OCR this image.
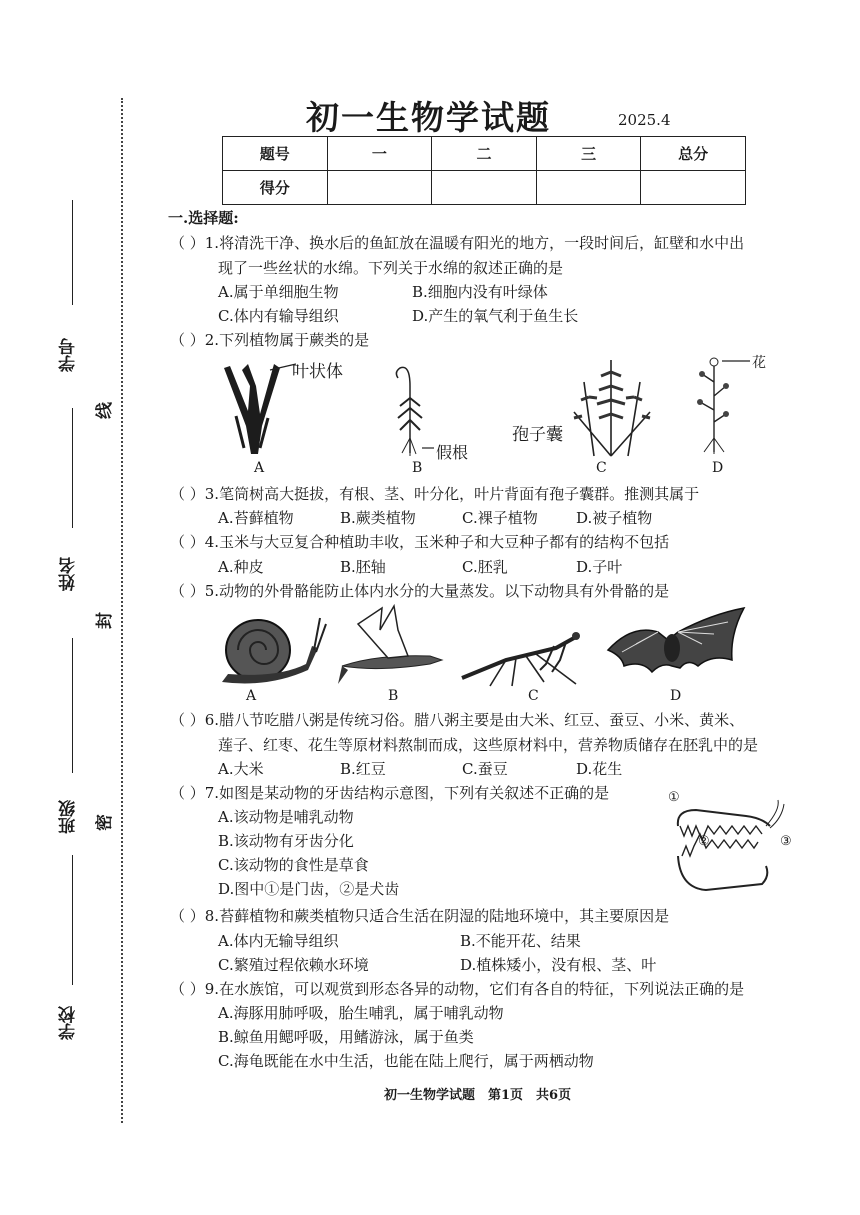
学号
姓名
班级
学校
线
封
密
初一生物学试题	2025.4
题号	一	二	三	总分
得分				
一.选择题:
（ ）1.将清洗干净、换水后的鱼缸放在温暖有阳光的地方，一段时间后，缸壁和水中出
现了一些丝状的水绵。下列关于水绵的叙述正确的是
A.属于单细胞生物	B.细胞内没有叶绿体
C.体内有输导组织	D.产生的氧气利于鱼生长
（ ）2.下列植物属于蕨类的是
叶状体
A
假根
B
孢子囊
C
花
D
（ ）3.笔筒树高大挺拔，有根、茎、叶分化，叶片背面有孢子囊群。推测其属于
A.苔藓植物	B.蕨类植物	C.裸子植物	D.被子植物
（ ）4.玉米与大豆复合种植助丰收，玉米种子和大豆种子都有的结构不包括
A.种皮	B.胚轴	C.胚乳	D.子叶
（ ）5.动物的外骨骼能防止体内水分的大量蒸发。以下动物具有外骨骼的是
A	B	C	D
（ ）6.腊八节吃腊八粥是传统习俗。腊八粥主要是由大米、红豆、蚕豆、小米、黄米、
莲子、红枣、花生等原材料熬制而成，这些原材料中，营养物质储存在胚乳中的是
A.大米	B.红豆	C.蚕豆	D.花生
（ ）7.如图是某动物的牙齿结构示意图，下列有关叙述不正确的是
A.该动物是哺乳动物
B.该动物有牙齿分化
C.该动物的食性是草食
D.图中①是门齿，②是犬齿
①
②	③
（ ）8.苔藓植物和蕨类植物只适合生活在阴湿的陆地环境中，其主要原因是
A.体内无输导组织	B.不能开花、结果
C.繁殖过程依赖水环境	D.植株矮小，没有根、茎、叶
（ ）9.在水族馆，可以观赏到形态各异的动物，它们有各自的特征，下列说法正确的是
A.海豚用肺呼吸，胎生哺乳，属于哺乳动物
B.鲸鱼用鳃呼吸，用鳍游泳，属于鱼类
C.海龟既能在水中生活，也能在陆上爬行，属于两栖动物
初一生物学试题　第1页　共6页
